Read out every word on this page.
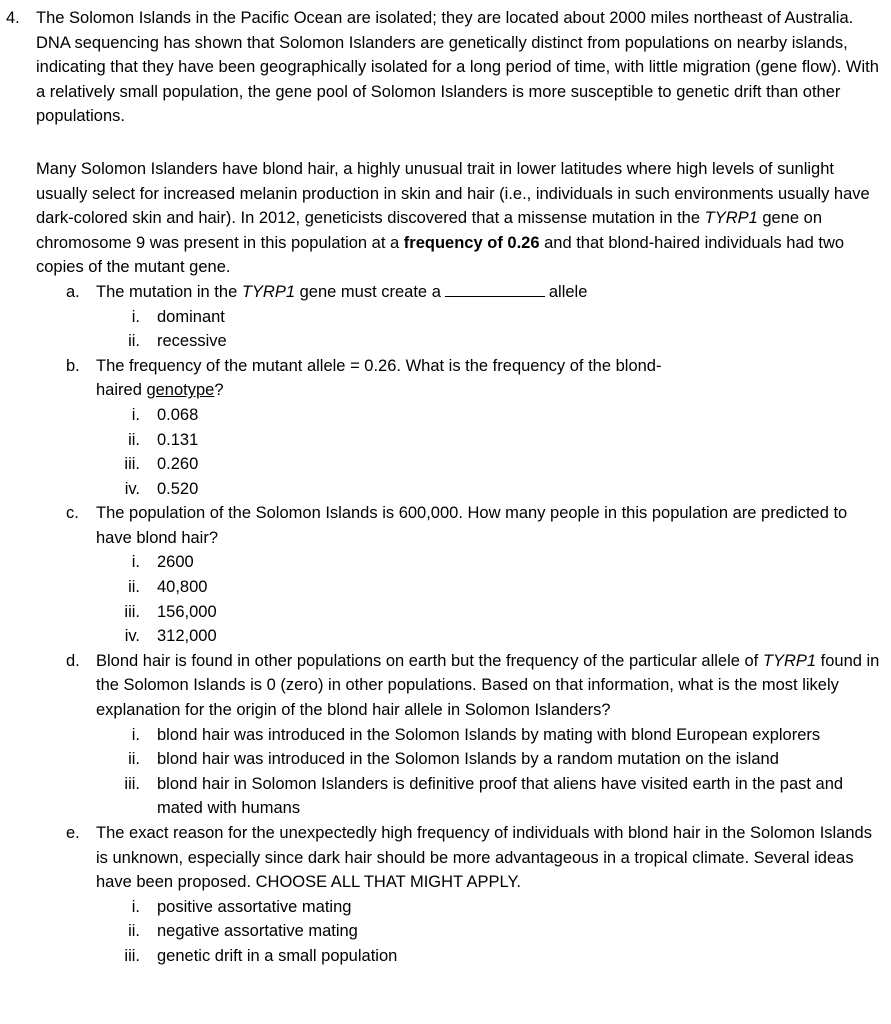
4. The Solomon Islands in the Pacific Ocean are isolated; they are located about 2000 miles northeast of Australia. DNA sequencing has shown that Solomon Islanders are genetically distinct from populations on nearby islands, indicating that they have been geographically isolated for a long period of time, with little migration (gene flow). With a relatively small population, the gene pool of Solomon Islanders is more susceptible to genetic drift than other populations.

Many Solomon Islanders have blond hair, a highly unusual trait in lower latitudes where high levels of sunlight usually select for increased melanin production in skin and hair (i.e., individuals in such environments usually have dark-colored skin and hair). In 2012, geneticists discovered that a missense mutation in the TYRP1 gene on chromosome 9 was present in this population at a frequency of 0.26 and that blond-haired individuals had two copies of the mutant gene.

a. The mutation in the TYRP1 gene must create a	allele

i. dominant
ii. recessive
b. The frequency of the mutant allele = 0.26. What is the frequency of the blond-
haired genotype?

i. 0.068
ii. 0.131
iii. 0.260
iv. 0.520
c. The population of the Solomon Islands is 600,000. How many people in this population are predicted to have blond hair?

i. 2600
ii. 40,800
iii. 156,000
iv. 312,000
d. Blond hair is found in other populations on earth but the frequency of the particular allele of TYRP1 found in the Solomon Islands is 0 (zero) in other populations. Based on that information, what is the most likely explanation for the origin of the blond hair allele in Solomon Islanders?

i. blond hair was introduced in the Solomon Islands by mating with blond European explorers
ii. blond hair was introduced in the Solomon Islands by a random mutation on the island
iii. blond hair in Solomon Islanders is definitive proof that aliens have visited earth in the past and mated with humans
e. The exact reason for the unexpectedly high frequency of individuals with blond hair in the Solomon Islands is unknown, especially since dark hair should be more advantageous in a tropical climate. Several ideas have been proposed. CHOOSE ALL THAT MIGHT APPLY.

i. positive assortative mating
ii. negative assortative mating
iii. genetic drift in a small population
